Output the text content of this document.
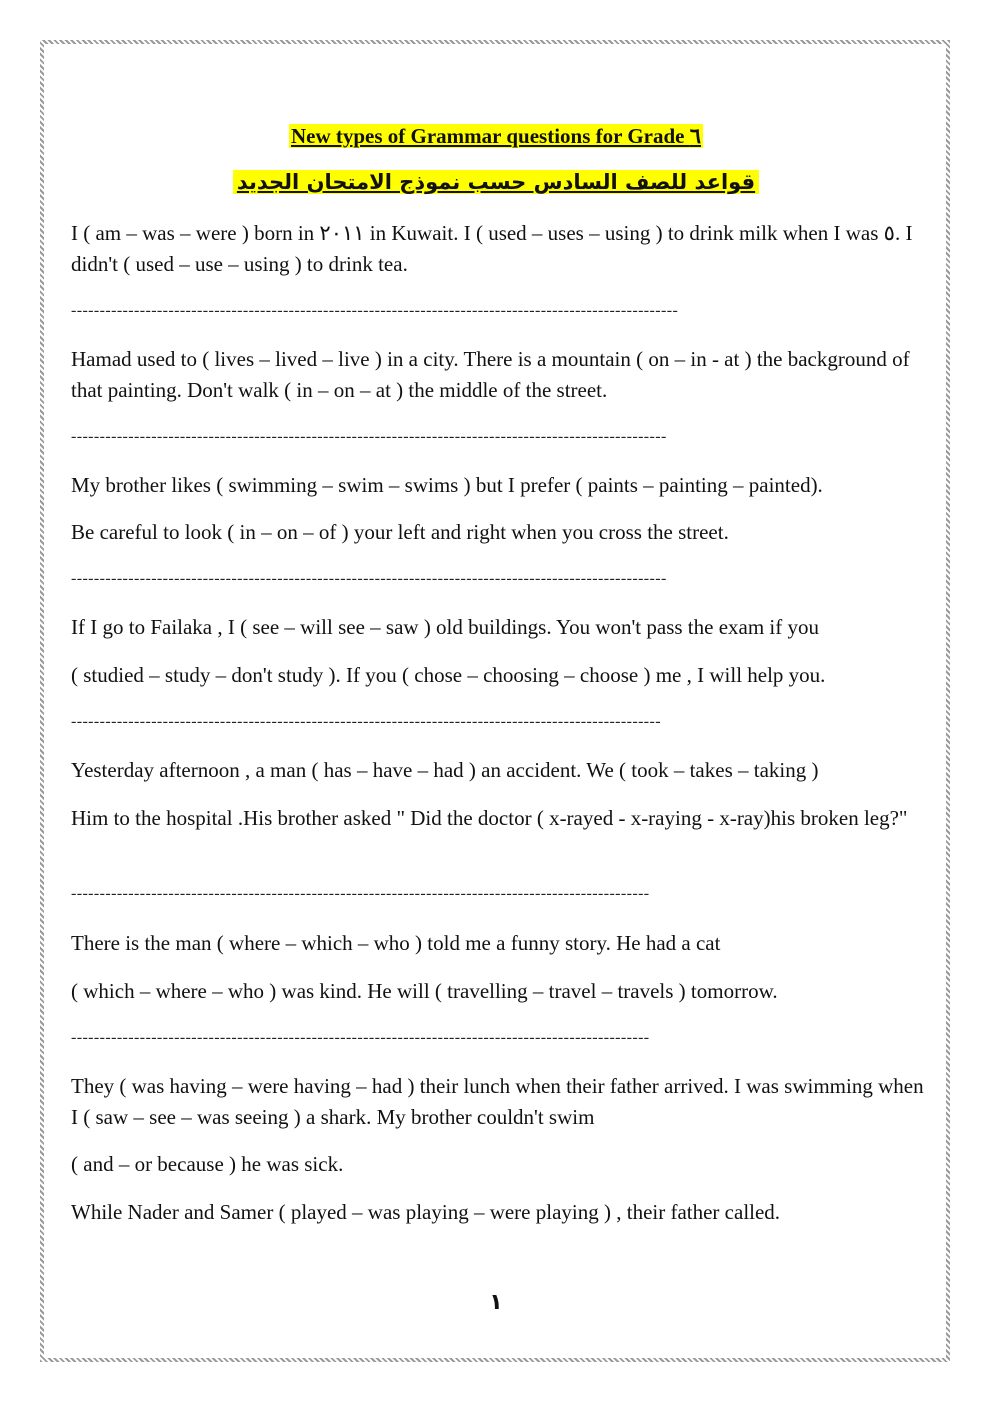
New types of Grammar questions for Grade ٦
قواعد للصف السادس حسب نموذج الامتحان الجديد

I ( am – was – were ) born in ٢٠١١ in Kuwait. I ( used – uses – using ) to drink milk when I was ٥. I didn't ( used – use – using ) to drink tea.

----------------------------------------------------------------------------------------------------------

Hamad used to ( lives – lived – live ) in a city. There is a mountain ( on – in - at ) the background of that painting. Don't walk ( in – on – at ) the middle of the street.

--------------------------------------------------------------------------------------------------------

My brother likes ( swimming – swim – swims ) but I prefer ( paints – painting – painted).

Be careful to look ( in – on – of ) your left and right when you cross the street.

--------------------------------------------------------------------------------------------------------

If I go to Failaka , I ( see – will see – saw ) old buildings. You won't pass the exam if you

( studied – study – don't study ). If you ( chose – choosing – choose ) me , I will help you.

-------------------------------------------------------------------------------------------------------

Yesterday afternoon , a man ( has – have – had ) an accident. We ( took – takes – taking )

Him to the hospital .His brother asked " Did the doctor ( x-rayed - x-raying - x-ray)his broken leg?"

-----------------------------------------------------------------------------------------------------

There is the man ( where – which – who ) told me a funny story. He had a cat

( which – where – who ) was kind. He will ( travelling – travel – travels ) tomorrow.

-----------------------------------------------------------------------------------------------------

They ( was having – were having – had ) their lunch when their father arrived. I was swimming when I ( saw – see – was seeing ) a shark. My brother couldn't swim

( and – or because ) he was sick.

While Nader and Samer ( played – was playing – were playing ) , their father called.

١
